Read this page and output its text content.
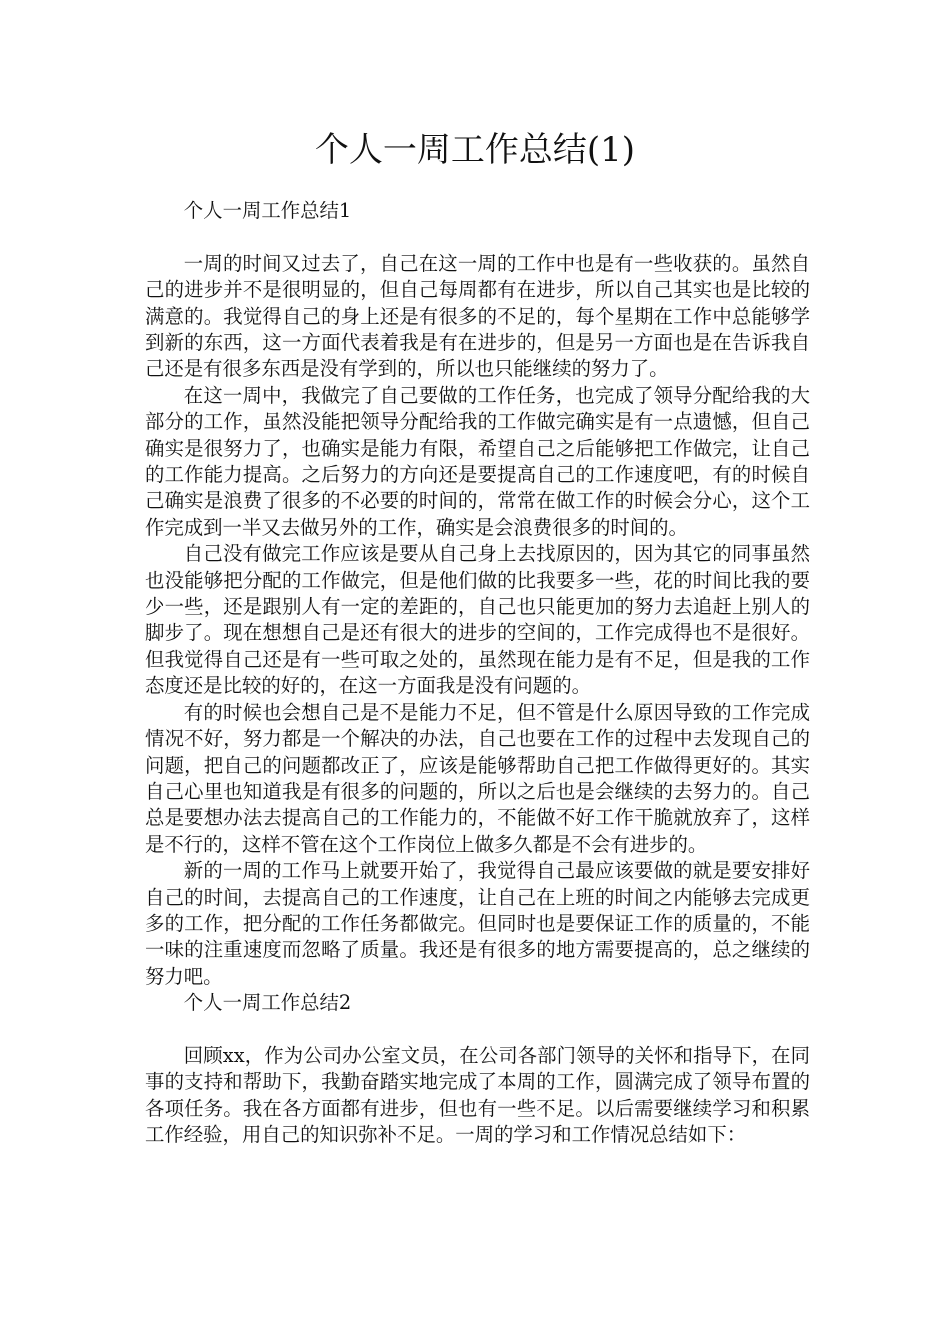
个人一周工作总结(1)

个人一周工作总结1

一周的时间又过去了，自己在这一周的工作中也是有一些收获的。虽然自己的进步并不是很明显的，但自己每周都有在进步，所以自己其实也是比较的满意的。我觉得自己的身上还是有很多的不足的，每个星期在工作中总能够学到新的东西，这一方面代表着我是有在进步的，但是另一方面也是在告诉我自己还是有很多东西是没有学到的，所以也只能继续的努力了。

在这一周中，我做完了自己要做的工作任务，也完成了领导分配给我的大部分的工作，虽然没能把领导分配给我的工作做完确实是有一点遗憾，但自己确实是很努力了，也确实是能力有限，希望自己之后能够把工作做完，让自己的工作能力提高。之后努力的方向还是要提高自己的工作速度吧，有的时候自己确实是浪费了很多的不必要的时间的，常常在做工作的时候会分心，这个工作完成到一半又去做另外的工作，确实是会浪费很多的时间的。

自己没有做完工作应该是要从自己身上去找原因的，因为其它的同事虽然也没能够把分配的工作做完，但是他们做的比我要多一些，花的时间比我的要少一些，还是跟别人有一定的差距的，自己也只能更加的努力去追赶上别人的脚步了。现在想想自己是还有很大的进步的空间的，工作完成得也不是很好。但我觉得自己还是有一些可取之处的，虽然现在能力是有不足，但是我的工作态度还是比较的好的，在这一方面我是没有问题的。

有的时候也会想自己是不是能力不足，但不管是什么原因导致的工作完成情况不好，努力都是一个解决的办法，自己也要在工作的过程中去发现自己的问题，把自己的问题都改正了，应该是能够帮助自己把工作做得更好的。其实自己心里也知道我是有很多的问题的，所以之后也是会继续的去努力的。自己总是要想办法去提高自己的工作能力的，不能做不好工作干脆就放弃了，这样是不行的，这样不管在这个工作岗位上做多久都是不会有进步的。

新的一周的工作马上就要开始了，我觉得自己最应该要做的就是要安排好自己的时间，去提高自己的工作速度，让自己在上班的时间之内能够去完成更多的工作，把分配的工作任务都做完。但同时也是要保证工作的质量的，不能一味的注重速度而忽略了质量。我还是有很多的地方需要提高的，总之继续的努力吧。

个人一周工作总结2

回顾xx，作为公司办公室文员，在公司各部门领导的关怀和指导下，在同事的支持和帮助下，我勤奋踏实地完成了本周的工作，圆满完成了领导布置的各项任务。我在各方面都有进步，但也有一些不足。以后需要继续学习和积累工作经验，用自己的知识弥补不足。一周的学习和工作情况总结如下：
